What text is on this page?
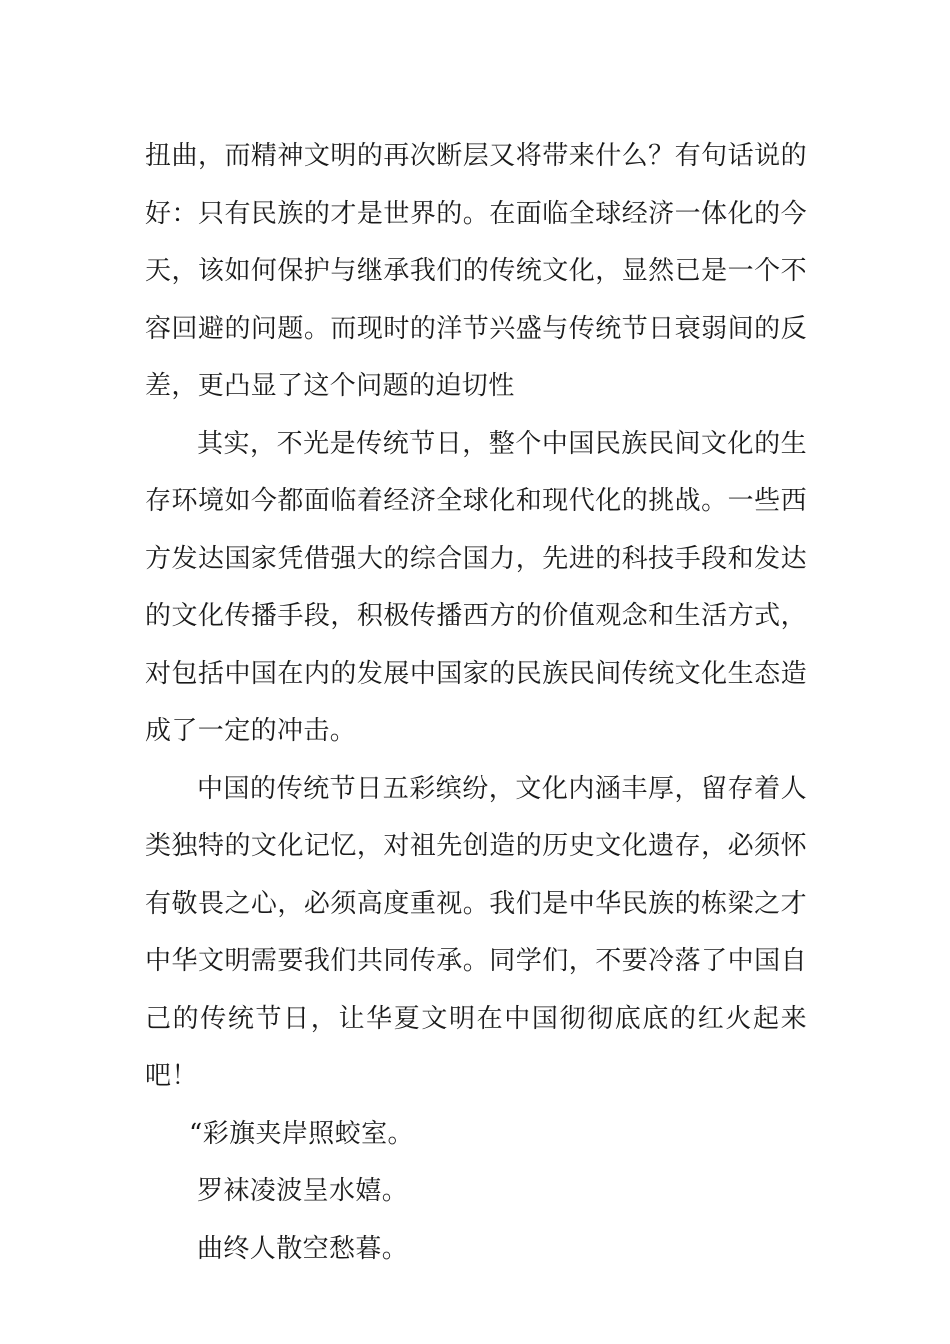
扭曲，而精神文明的再次断层又将带来什么？有句话说的好：只有民族的才是世界的。在面临全球经济一体化的今天，该如何保护与继承我们的传统文化，显然已是一个不容回避的问题。而现时的洋节兴盛与传统节日衰弱间的反差，更凸显了这个问题的迫切性

其实，不光是传统节日，整个中国民族民间文化的生存环境如今都面临着经济全球化和现代化的挑战。一些西方发达国家凭借强大的综合国力，先进的科技手段和发达的文化传播手段，积极传播西方的价值观念和生活方式，对包括中国在内的发展中国家的民族民间传统文化生态造成了一定的冲击。

中国的传统节日五彩缤纷，文化内涵丰厚，留存着人类独特的文化记忆，对祖先创造的历史文化遗存，必须怀有敬畏之心，必须高度重视。我们是中华民族的栋梁之才中华文明需要我们共同传承。同学们，不要冷落了中国自己的传统节日，让华夏文明在中国彻彻底底的红火起来吧！

“彩旗夹岸照蛟室。

罗袜凌波呈水嬉。

曲终人散空愁暮。
